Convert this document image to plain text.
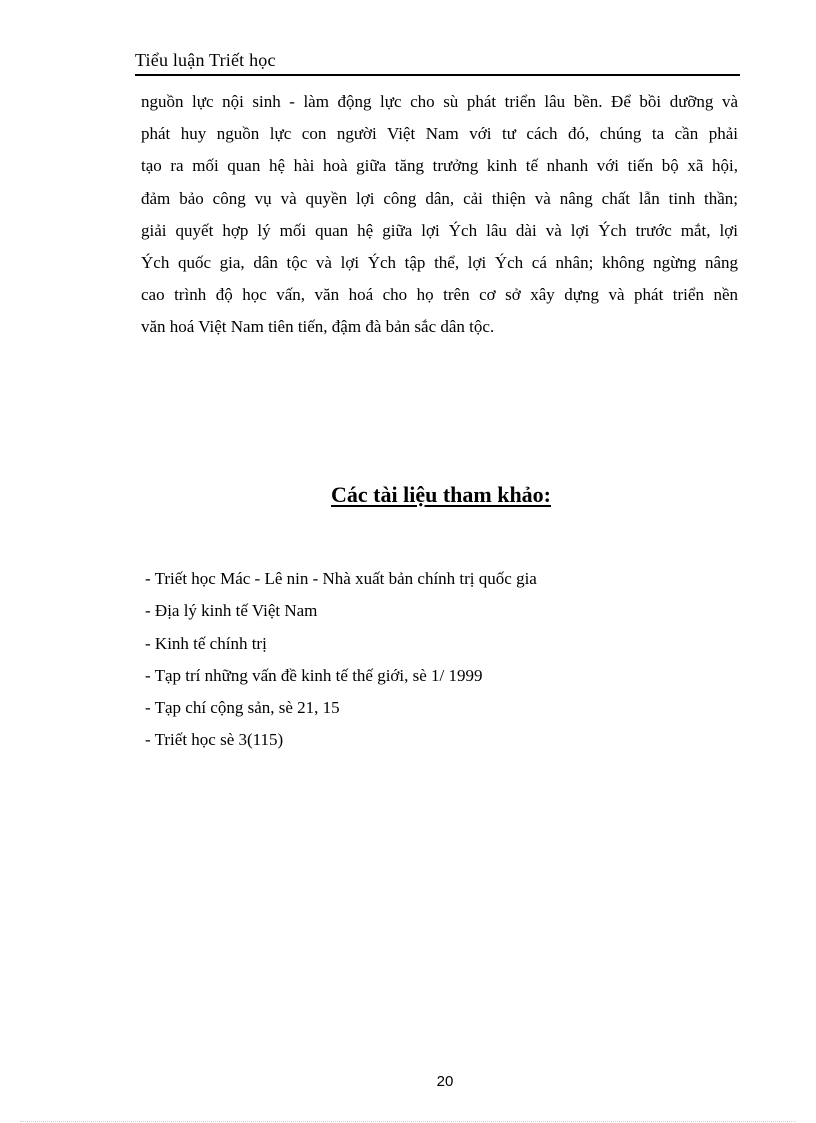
Tiểu luận Triết học
nguồn lực nội sinh - làm động lực cho sù phát triển lâu bền. Để bồi dưỡng và
phát huy nguồn lực con người Việt Nam với tư cách đó, chúng ta cần phải
tạo ra mối quan hệ hài hoà giữa tăng trưởng kinh tế nhanh với tiến bộ xã hội,
đảm bảo công vụ và quyền lợi công dân, cải thiện và nâng chất lẫn tinh thần;
giải quyết hợp lý mối quan hệ giữa lợi Ých lâu dài và lợi Ých trước mắt, lợi
Ých quốc gia, dân tộc và lợi Ých tập thể, lợi Ých cá nhân; không ngừng nâng
cao trình độ học vấn, văn hoá cho họ trên cơ sở xây dựng và phát triển nền
văn hoá Việt Nam tiên tiến, đậm đà bản sắc dân tộc.
Các tài liệu tham khảo:
- Triết học Mác - Lê nin - Nhà xuất bản chính trị quốc gia
- Địa lý kinh tế Việt Nam
- Kinh tế chính trị
- Tạp trí những vấn đề kinh tế thế giới, sè 1/ 1999
- Tạp chí cộng sản, sè 21, 15
- Triết học sè 3(115)
20
